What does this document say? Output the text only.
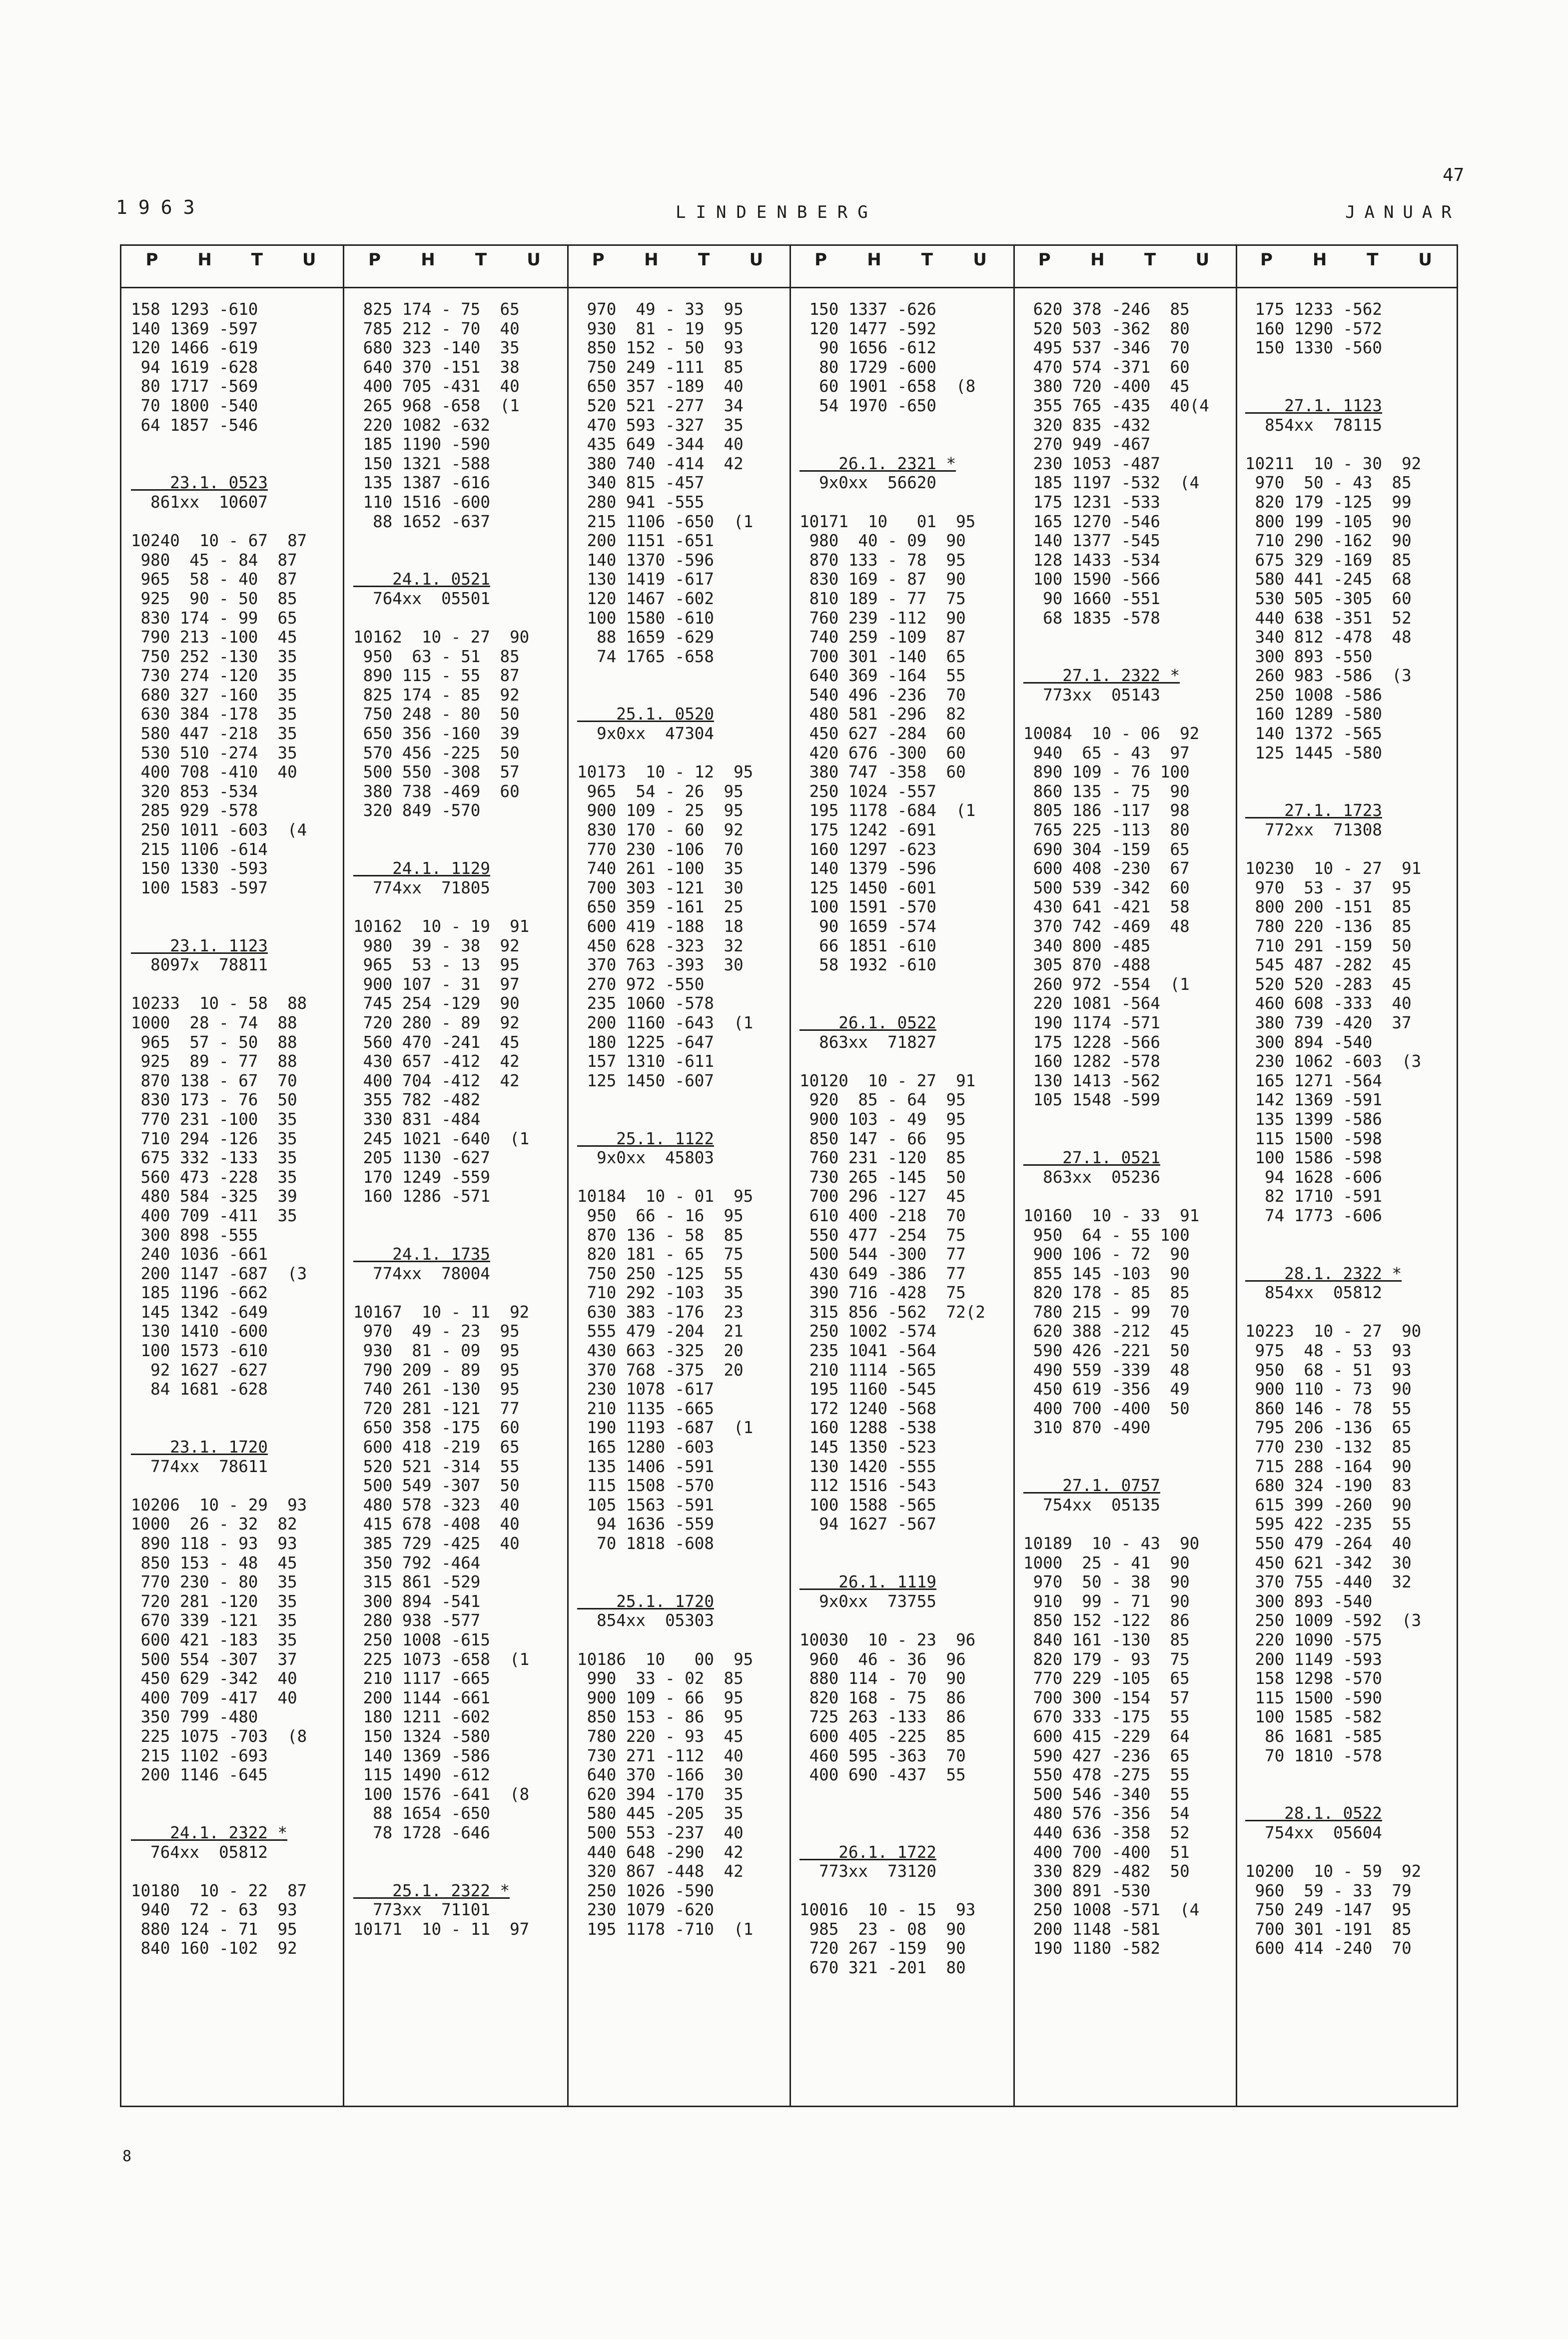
1963	LINDENBERG	JANUAR
47
8
P H T U	P H T U	P H T U	P H T U	P H T U	P H T U
158 1293 -610
140 1369 -597
120 1466 -619
94 1619 -628
80 1717 -569
70 1800 -540
64 1857 -546
23.1. 0523
861xx  10607
10240  10 - 67  87
980  45 - 84  87
965  58 - 40  87
925  90 - 50  85
830 174 - 99  65
790 213 -100  45
750 252 -130  35
730 274 -120  35
680 327 -160  35
630 384 -178  35
580 447 -218  35
530 510 -274  35
400 708 -410  40
320 853 -534
285 929 -578
250 1011 -603  (4
215 1106 -614
150 1330 -593
100 1583 -597
23.1. 1123
8097x  78811
10233  10 - 58  88
1000  28 - 74  88
965  57 - 50  88
925  89 - 77  88
870 138 - 67  70
830 173 - 76  50
770 231 -100  35
710 294 -126  35
675 332 -133  35
560 473 -228  35
480 584 -325  39
400 709 -411  35
300 898 -555
240 1036 -661
200 1147 -687  (3
185 1196 -662
145 1342 -649
130 1410 -600
100 1573 -610
92 1627 -627
84 1681 -628
23.1. 1720
774xx  78611
10206  10 - 29  93
1000  26 - 32  82
890 118 - 93  93
850 153 - 48  45
770 230 - 80  35
720 281 -120  35
670 339 -121  35
600 421 -183  35
500 554 -307  37
450 629 -342  40
400 709 -417  40
350 799 -480
225 1075 -703  (8
215 1102 -693
200 1146 -645
24.1. 2322 *
764xx  05812
10180  10 - 22  87
940  72 - 63  93
880 124 - 71  95
840 160 -102  92
825 174 - 75  65
785 212 - 70  40
680 323 -140  35
640 370 -151  38
400 705 -431  40
265 968 -658  (1
220 1082 -632
185 1190 -590
150 1321 -588
135 1387 -616
110 1516 -600
88 1652 -637
24.1. 0521
764xx  05501
10162  10 - 27  90
950  63 - 51  85
890 115 - 55  87
825 174 - 85  92
750 248 - 80  50
650 356 -160  39
570 456 -225  50
500 550 -308  57
380 738 -469  60
320 849 -570
24.1. 1129
774xx  71805
10162  10 - 19  91
980  39 - 38  92
965  53 - 13  95
900 107 - 31  97
745 254 -129  90
720 280 - 89  92
560 470 -241  45
430 657 -412  42
400 704 -412  42
355 782 -482
330 831 -484
245 1021 -640  (1
205 1130 -627
170 1249 -559
160 1286 -571
24.1. 1735
774xx  78004
10167  10 - 11  92
970  49 - 23  95
930  81 - 09  95
790 209 - 89  95
740 261 -130  95
720 281 -121  77
650 358 -175  60
600 418 -219  65
520 521 -314  55
500 549 -307  50
480 578 -323  40
415 678 -408  40
385 729 -425  40
350 792 -464
315 861 -529
300 894 -541
280 938 -577
250 1008 -615
225 1073 -658  (1
210 1117 -665
200 1144 -661
180 1211 -602
150 1324 -580
140 1369 -586
115 1490 -612
100 1576 -641  (8
88 1654 -650
78 1728 -646
25.1. 2322 *
773xx  71101
10171  10 - 11  97
970  49 - 33  95
930  81 - 19  95
850 152 - 50  93
750 249 -111  85
650 357 -189  40
520 521 -277  34
470 593 -327  35
435 649 -344  40
380 740 -414  42
340 815 -457
280 941 -555
215 1106 -650  (1
200 1151 -651
140 1370 -596
130 1419 -617
120 1467 -602
100 1580 -610
88 1659 -629
74 1765 -658
25.1. 0520
9x0xx  47304
10173  10 - 12  95
965  54 - 26  95
900 109 - 25  95
830 170 - 60  92
770 230 -106  70
740 261 -100  35
700 303 -121  30
650 359 -161  25
600 419 -188  18
450 628 -323  32
370 763 -393  30
270 972 -550
235 1060 -578
200 1160 -643  (1
180 1225 -647
157 1310 -611
125 1450 -607
25.1. 1122
9x0xx  45803
10184  10 - 01  95
950  66 - 16  95
870 136 - 58  85
820 181 - 65  75
750 250 -125  55
710 292 -103  35
630 383 -176  23
555 479 -204  21
430 663 -325  20
370 768 -375  20
230 1078 -617
210 1135 -665
190 1193 -687  (1
165 1280 -603
135 1406 -591
115 1508 -570
105 1563 -591
94 1636 -559
70 1818 -608
25.1. 1720
854xx  05303
10186  10   00  95
990  33 - 02  85
900 109 - 66  95
850 153 - 86  95
780 220 - 93  45
730 271 -112  40
640 370 -166  30
620 394 -170  35
580 445 -205  35
500 553 -237  40
440 648 -290  42
320 867 -448  42
250 1026 -590
230 1079 -620
195 1178 -710  (1
150 1337 -626
120 1477 -592
90 1656 -612
80 1729 -600
60 1901 -658  (8
54 1970 -650
26.1. 2321 *
9x0xx  56620
10171  10   01  95
980  40 - 09  90
870 133 - 78  95
830 169 - 87  90
810 189 - 77  75
760 239 -112  90
740 259 -109  87
700 301 -140  65
640 369 -164  55
540 496 -236  70
480 581 -296  82
450 627 -284  60
420 676 -300  60
380 747 -358  60
250 1024 -557
195 1178 -684  (1
175 1242 -691
160 1297 -623
140 1379 -596
125 1450 -601
100 1591 -570
90 1659 -574
66 1851 -610
58 1932 -610
26.1. 0522
863xx  71827
10120  10 - 27  91
920  85 - 64  95
900 103 - 49  95
850 147 - 66  95
760 231 -120  85
730 265 -145  50
700 296 -127  45
610 400 -218  70
550 477 -254  75
500 544 -300  77
430 649 -386  77
390 716 -428  75
315 856 -562  72(2
250 1002 -574
235 1041 -564
210 1114 -565
195 1160 -545
172 1240 -568
160 1288 -538
145 1350 -523
130 1420 -555
112 1516 -543
100 1588 -565
94 1627 -567
26.1. 1119
9x0xx  73755
10030  10 - 23  96
960  46 - 36  96
880 114 - 70  90
820 168 - 75  86
725 263 -133  86
600 405 -225  85
460 595 -363  70
400 690 -437  55
26.1. 1722
773xx  73120
10016  10 - 15  93
985  23 - 08  90
720 267 -159  90
670 321 -201  80
620 378 -246  85
520 503 -362  80
495 537 -346  70
470 574 -371  60
380 720 -400  45
355 765 -435  40(4
320 835 -432
270 949 -467
230 1053 -487
185 1197 -532  (4
175 1231 -533
165 1270 -546
140 1377 -545
128 1433 -534
100 1590 -566
90 1660 -551
68 1835 -578
27.1. 2322 *
773xx  05143
10084  10 - 06  92
940  65 - 43  97
890 109 - 76 100
860 135 - 75  90
805 186 -117  98
765 225 -113  80
690 304 -159  65
600 408 -230  67
500 539 -342  60
430 641 -421  58
370 742 -469  48
340 800 -485
305 870 -488
260 972 -554  (1
220 1081 -564
190 1174 -571
175 1228 -566
160 1282 -578
130 1413 -562
105 1548 -599
27.1. 0521
863xx  05236
10160  10 - 33  91
950  64 - 55 100
900 106 - 72  90
855 145 -103  90
820 178 - 85  85
780 215 - 99  70
620 388 -212  45
590 426 -221  50
490 559 -339  48
450 619 -356  49
400 700 -400  50
310 870 -490
27.1. 0757
754xx  05135
10189  10 - 43  90
1000  25 - 41  90
970  50 - 38  90
910  99 - 71  90
850 152 -122  86
840 161 -130  85
820 179 - 93  75
770 229 -105  65
700 300 -154  57
670 333 -175  55
600 415 -229  64
590 427 -236  65
550 478 -275  55
500 546 -340  55
480 576 -356  54
440 636 -358  52
400 700 -400  51
330 829 -482  50
300 891 -530
250 1008 -571  (4
200 1148 -581
190 1180 -582
175 1233 -562
160 1290 -572
150 1330 -560
27.1. 1123
854xx  78115
10211  10 - 30  92
970  50 - 43  85
820 179 -125  99
800 199 -105  90
710 290 -162  90
675 329 -169  85
580 441 -245  68
530 505 -305  60
440 638 -351  52
340 812 -478  48
300 893 -550
260 983 -586  (3
250 1008 -586
160 1289 -580
140 1372 -565
125 1445 -580
27.1. 1723
772xx  71308
10230  10 - 27  91
970  53 - 37  95
800 200 -151  85
780 220 -136  85
710 291 -159  50
545 487 -282  45
520 520 -283  45
460 608 -333  40
380 739 -420  37
300 894 -540
230 1062 -603  (3
165 1271 -564
142 1369 -591
135 1399 -586
115 1500 -598
100 1586 -598
94 1628 -606
82 1710 -591
74 1773 -606
28.1. 2322 *
854xx  05812
10223  10 - 27  90
975  48 - 53  93
950  68 - 51  93
900 110 - 73  90
860 146 - 78  55
795 206 -136  65
770 230 -132  85
715 288 -164  90
680 324 -190  83
615 399 -260  90
595 422 -235  55
550 479 -264  40
450 621 -342  30
370 755 -440  32
300 893 -540
250 1009 -592  (3
220 1090 -575
200 1149 -593
158 1298 -570
115 1500 -590
100 1585 -582
86 1681 -585
70 1810 -578
28.1. 0522
754xx  05604
10200  10 - 59  92
960  59 - 33  79
750 249 -147  95
700 301 -191  85
600 414 -240  70
